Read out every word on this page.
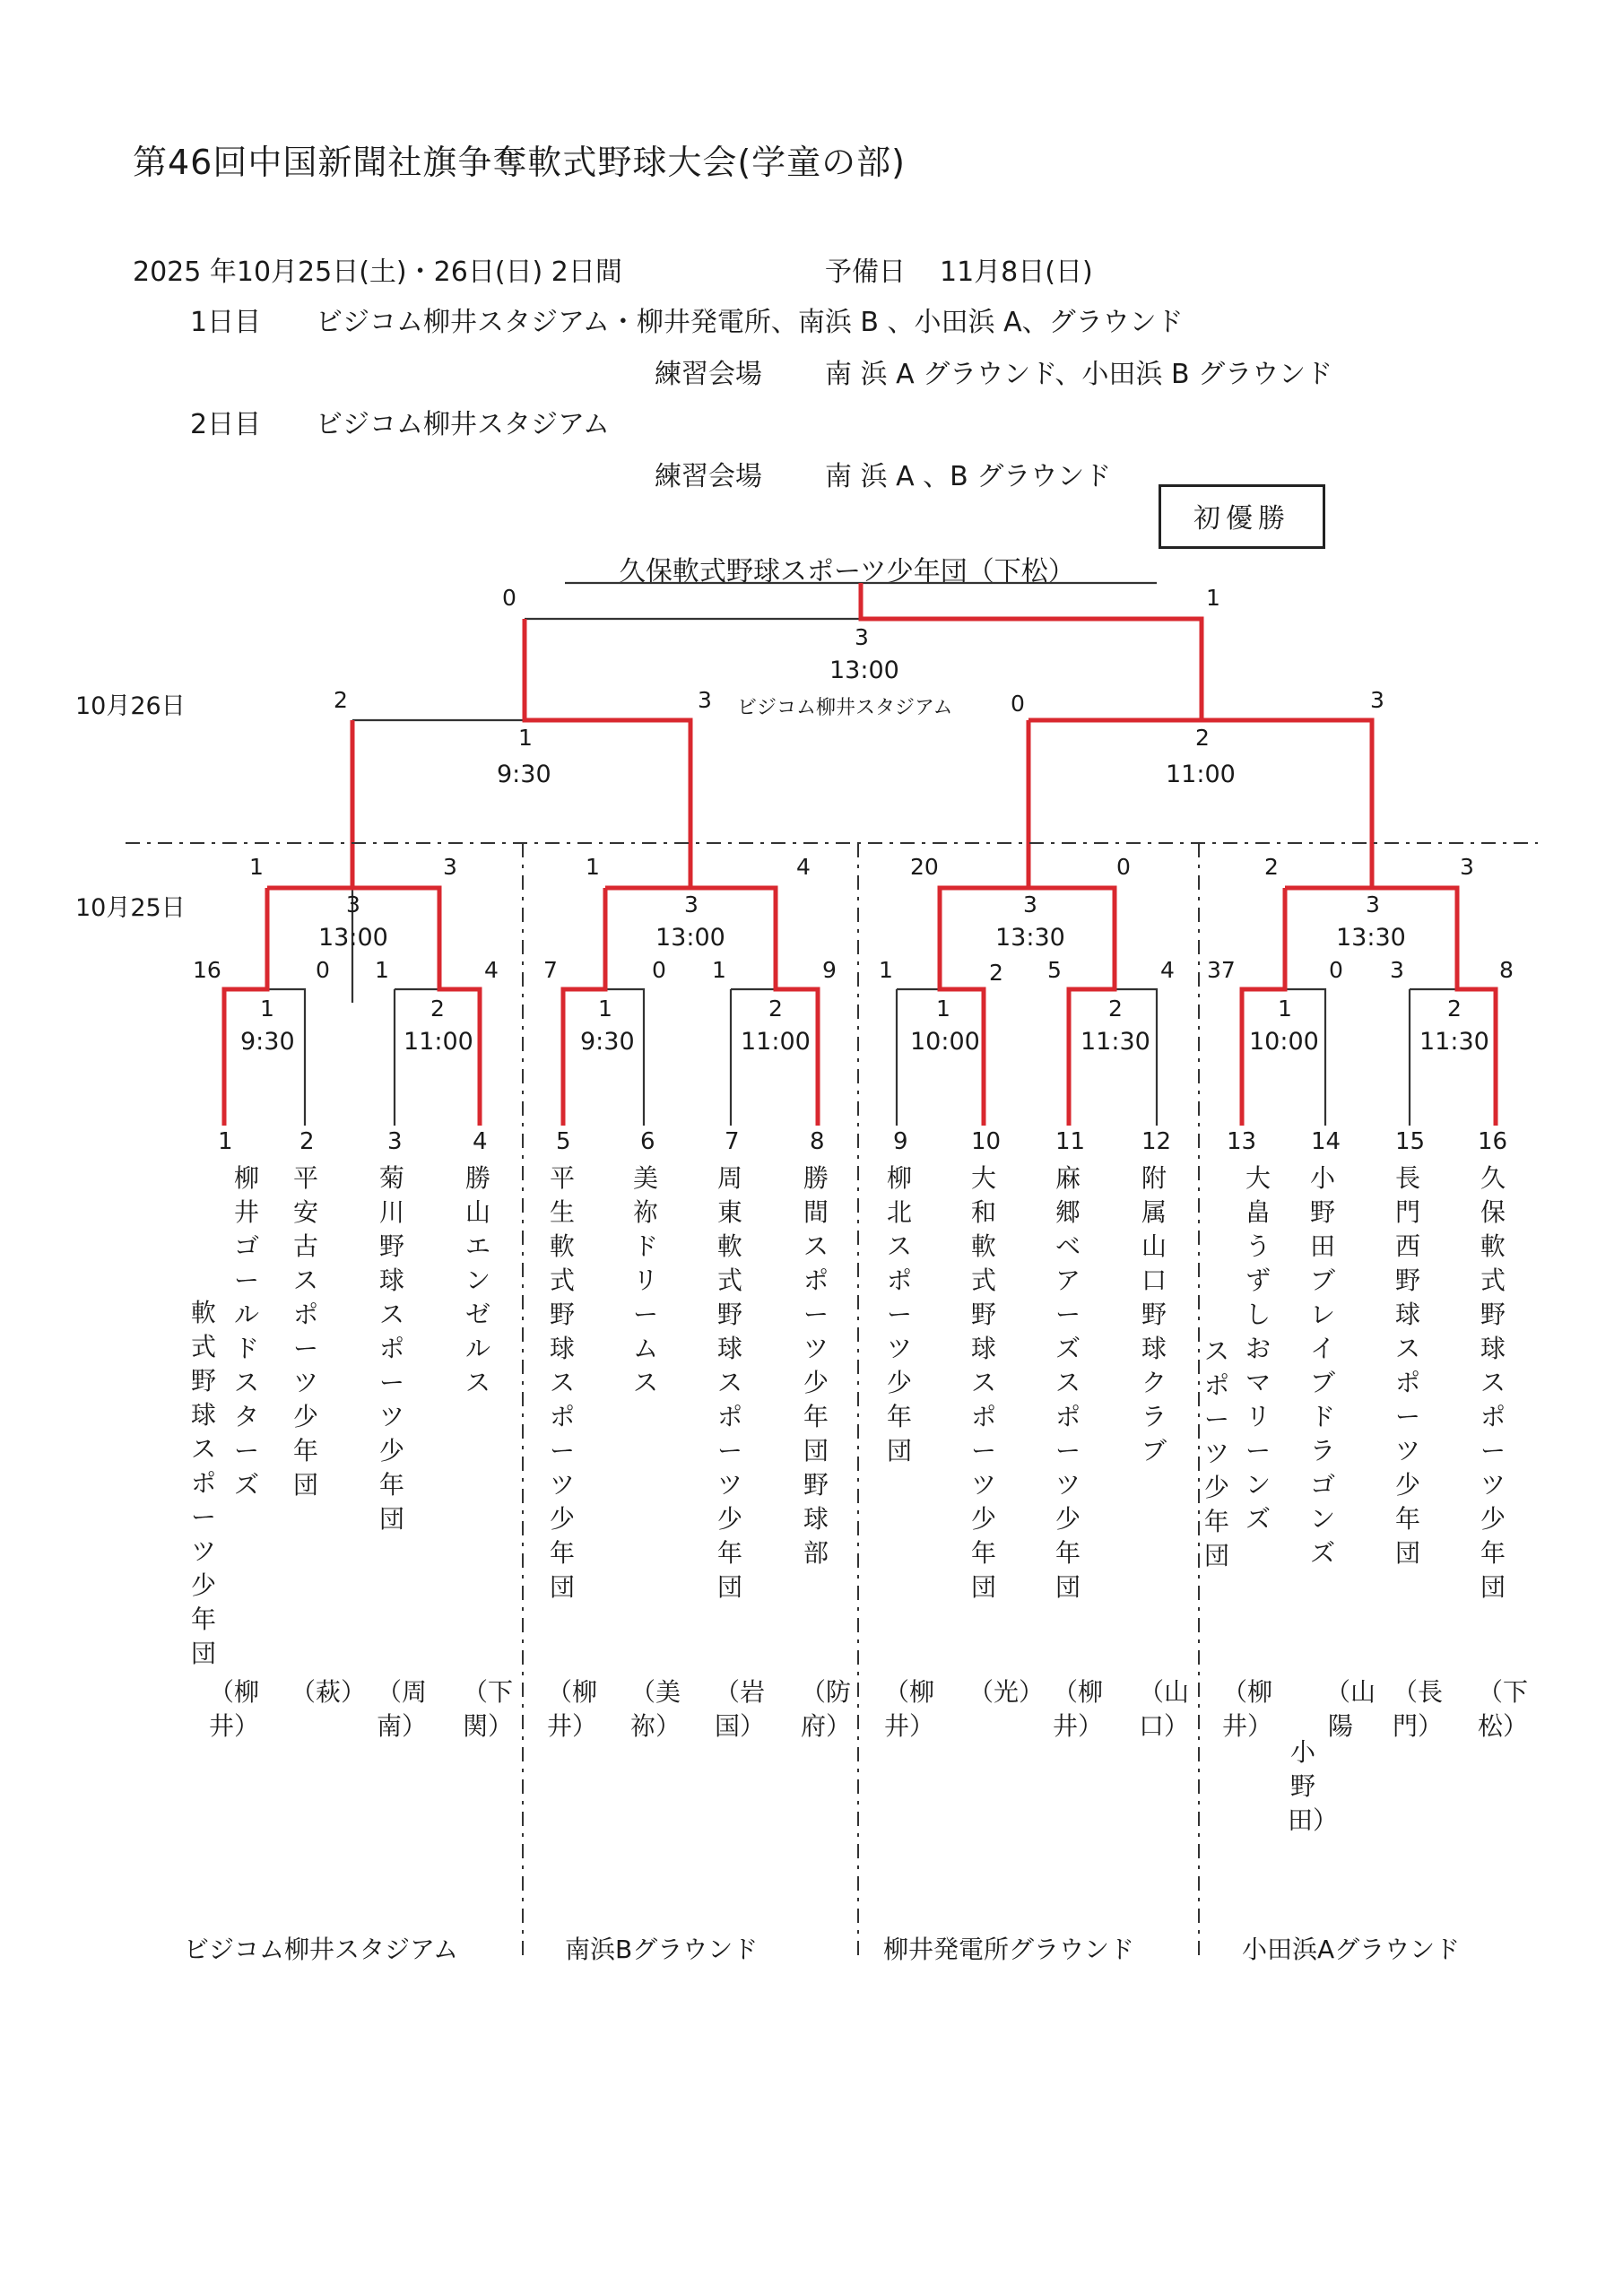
第46回中国新聞社旗争奪軟式野球大会(学童の部)
2025 年10月25日(土)・26日(日) 2日間	予備日 11月8日(日)
1日目 ビジコム柳井スタジアム・柳井発電所、南浜 B 、小田浜 A、グラウンド
練習会場 南 浜 A グラウンド、小田浜 B グラウンド
2日目 ビジコム柳井スタジアム
練習会場 南 浜 A 、B グラウンド
初優勝
久保軟式野球スポーツ少年団（下松）
10月26日
10月25日
0	1
3
13:00
ビジコム柳井スタジアム
2	3
1
9:30
0	3
2
11:00
1	3
3
13:00
1	4
3
13:00
20	0
3
13:30
2	3
3
13:30
16	0
1
9:30
1	4
2
11:00
7	0
1
9:30
1	9
2
11:00
1	2
1
10:00
5	4
2
11:30
37	0
1
10:00
3	8
2
11:30
1
柳井ゴールドスターズ
軟式野球スポーツ少年団
（柳井）
2
平安古スポーツ少年団
（萩）
3
菊川野球スポーツ少年団
（周南）
4
勝山エンゼルス
（下関）
5
平生軟式野球スポーツ少年団
（柳井）
6
美祢ドリームス
（美祢）
7
周東軟式野球スポーツ少年団
（岩国）
8
勝間スポーツ少年団野球部
（防府）
9
柳北スポーツ少年団
（柳井）
10
大和軟式野球スポーツ少年団
（光）
11
麻郷ベアーズスポーツ少年団
（柳井）
12
附属山口野球クラブ
（山口）
13
大畠うずしおマリーンズ
スポーツ少年団
（柳井）
14
小野田ブレイブドラゴンズ
（山陽
小野田）
15
長門西野球スポーツ少年団
（長門）
16
久保軟式野球スポーツ少年団
（下松）
ビジコム柳井スタジアム	南浜Bグラウンド	柳井発電所グラウンド	小田浜Aグラウンド
